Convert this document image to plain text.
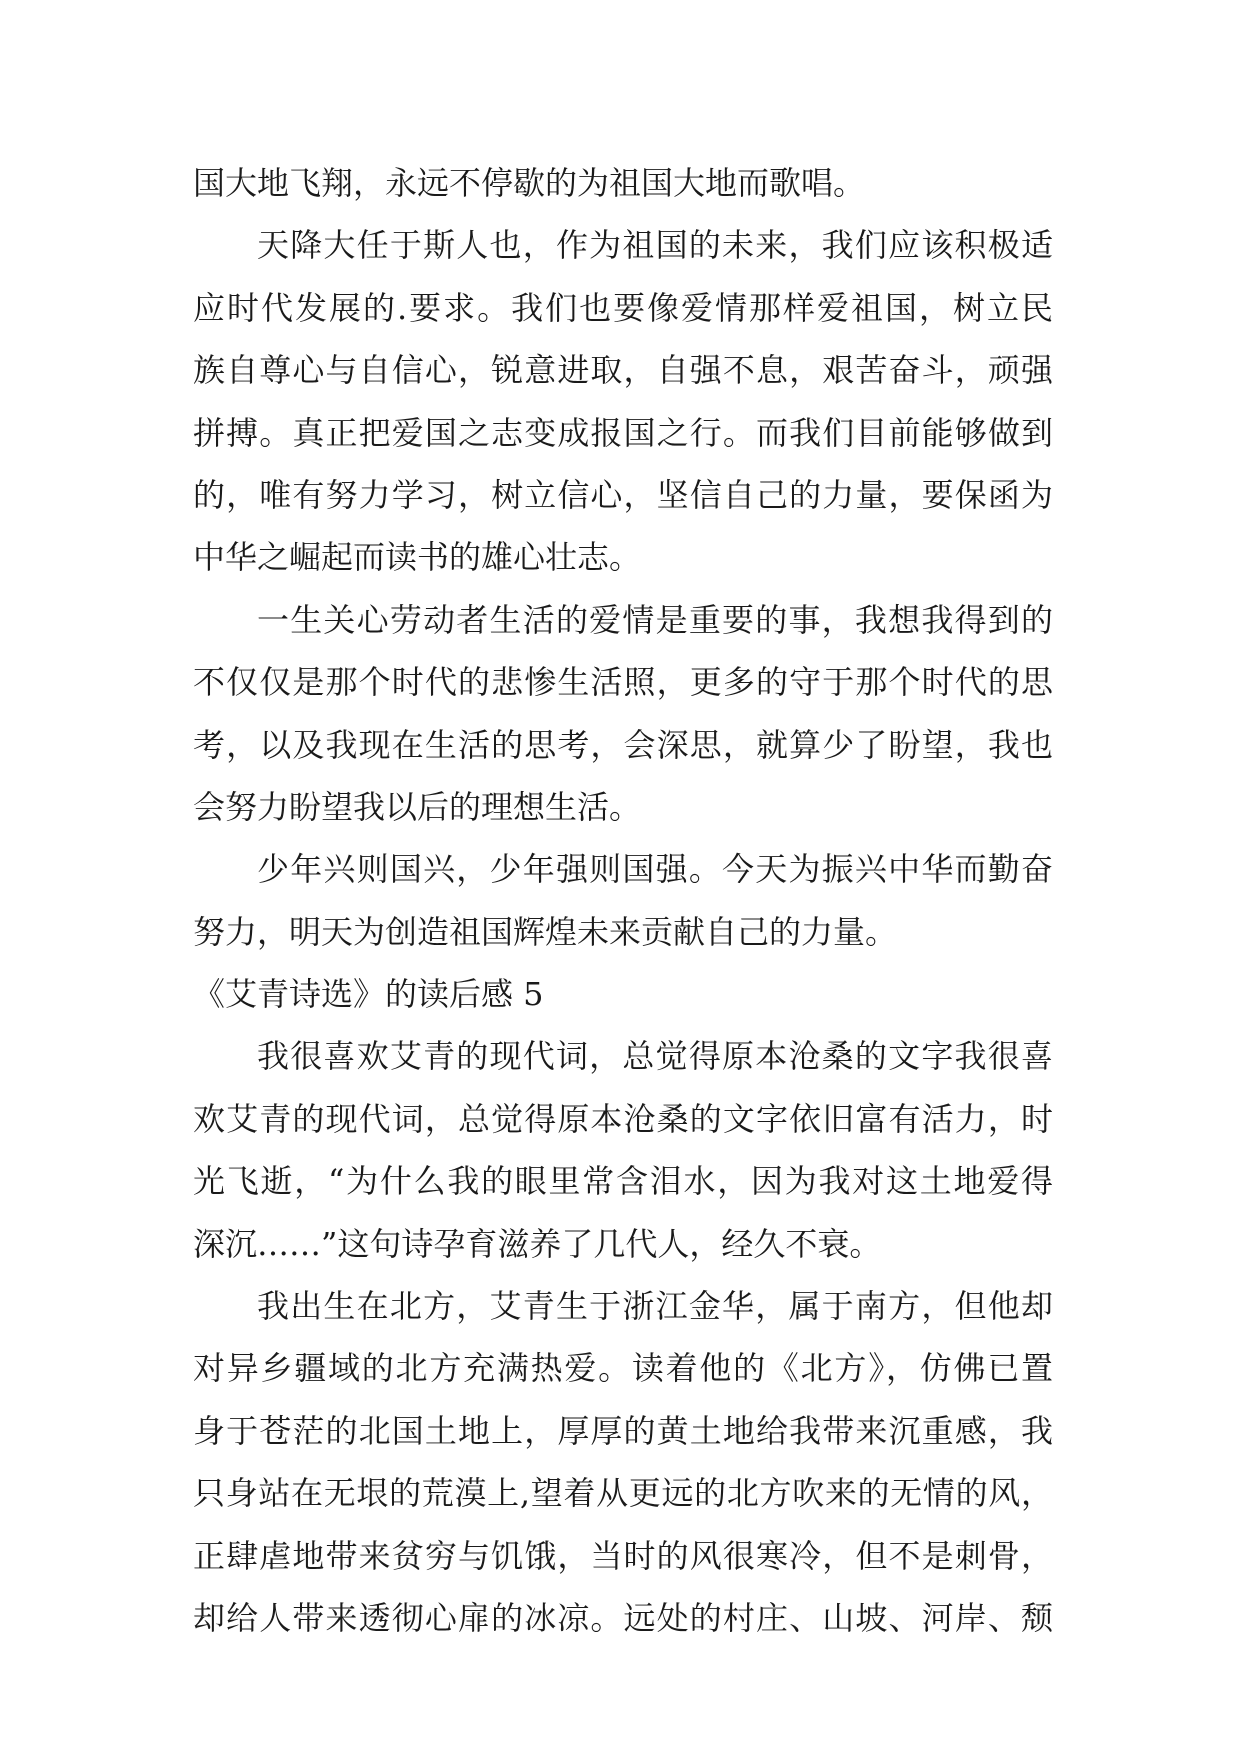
国大地飞翔，永远不停歇的为祖国大地而歌唱。
天降大任于斯人也，作为祖国的未来，我们应该积极适
应时代发展的.要求。我们也要像爱情那样爱祖国，树立民
族自尊心与自信心，锐意进取，自强不息，艰苦奋斗，顽强
拼搏。真正把爱国之志变成报国之行。而我们目前能够做到
的，唯有努力学习，树立信心，坚信自己的力量，要保函为
中华之崛起而读书的雄心壮志。
一生关心劳动者生活的爱情是重要的事，我想我得到的
不仅仅是那个时代的悲惨生活照，更多的守于那个时代的思
考，以及我现在生活的思考，会深思，就算少了盼望，我也
会努力盼望我以后的理想生活。
少年兴则国兴，少年强则国强。今天为振兴中华而勤奋
努力，明天为创造祖国辉煌未来贡献自己的力量。
《艾青诗选》的读后感 5
我很喜欢艾青的现代词，总觉得原本沧桑的文字我很喜
欢艾青的现代词，总觉得原本沧桑的文字依旧富有活力，时
光飞逝，“为什么我的眼里常含泪水，因为我对这土地爱得
深沉……”这句诗孕育滋养了几代人，经久不衰。
我出生在北方，艾青生于浙江金华，属于南方，但他却
对异乡疆域的北方充满热爱。读着他的《北方》，仿佛已置
身于苍茫的北国土地上，厚厚的黄土地给我带来沉重感，我
只身站在无垠的荒漠上,望着从更远的北方吹来的无情的风，
正肆虐地带来贫穷与饥饿，当时的风很寒冷，但不是刺骨，
却给人带来透彻心扉的冰凉。远处的村庄、山坡、河岸、颓
